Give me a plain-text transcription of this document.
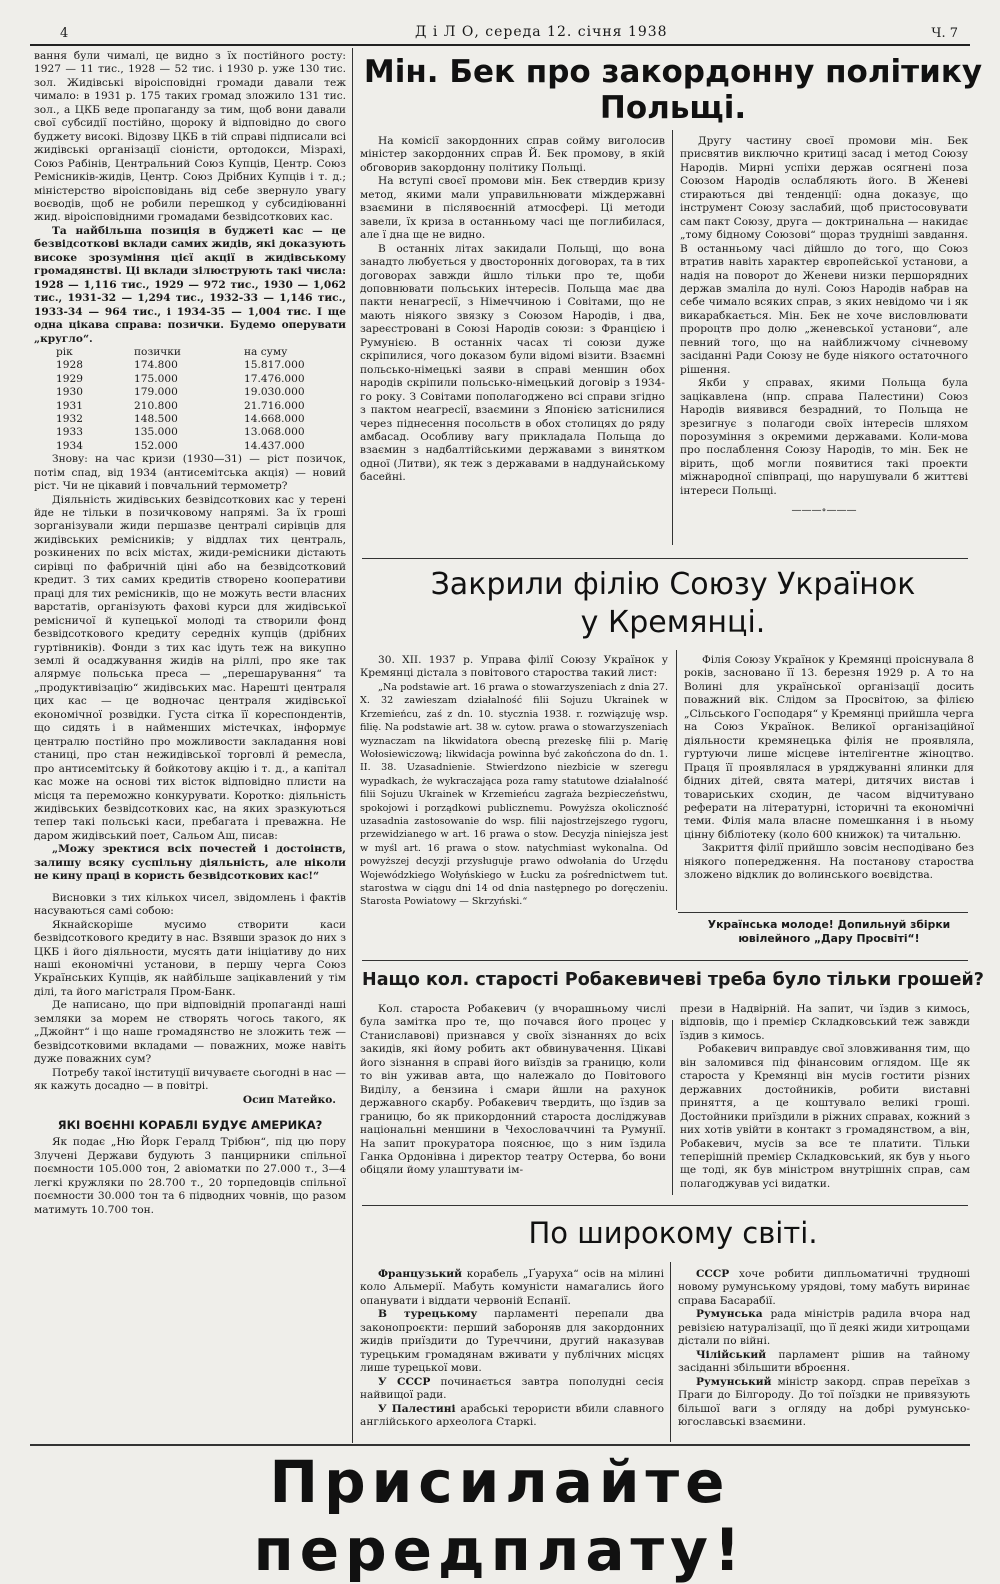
4	Д і Л О, середа 12. січня 1938	Ч. 7

вання були чималі, це видно з їх постійного росту: 1927 — 11 тис., 1928 — 52 тис. і 1930 р. уже 130 тис. зол. Жидівські віроісповідні громади давали теж чимало: в 1931 р. 175 таких громад зложило 131 тис. зол., а ЦКБ веде пропаганду за тим, щоб вони давали свої субсидії постійно, щороку й відповідно до свого буджету високі. Відозву ЦКБ в тій справі підписали всі жидівські організації сіоністи, ортодокси, Мізрахі, Союз Рабінів, Центральний Союз Купців, Центр. Союз Ремісників-жидів, Центр. Союз Дрібних Купців і т. д.; міністерство віроісповідань від себе звернуло увагу воєводів, щоб не робили перешкод у субсидіюванні жид. віроісповідними громадами безвідсоткових кас.

Та найбільша позиція в буджеті кас — це безвідсоткові вклади самих жидів, які доказують високе зрозуміння цієї акції в жидівському громадянстві. Ці вклади зілюструють такі числа: 1928 — 1,116 тис., 1929 — 972 тис., 1930 — 1,062 тис., 1931-32 — 1,294 тис., 1932-33 — 1,146 тис., 1933-34 — 964 тис., і 1934-35 — 1,004 тис. І ще одна цікава справа: позички. Будемо оперувати „кругло“.

рік	позички	на суму
1928	174.800	15.817.000
1929	175.000	17.476.000
1930	179.000	19.030.000
1931	210.800	21.716.000
1932	148.500	14.668.000
1933	135.000	13.068.000
1934	152.000	14.437.000

Знову: на час кризи (1930—31) — ріст позичок, потім спад, від 1934 (антисемітська акція) — новий ріст. Чи не цікавий і повчальний термометр?

Діяльність жидівських безвідсоткових кас у терені йде не тільки в позичковому напрямі. За їх гроші зорганізували жиди першазве централі сирівців для жидівських ремісників; у віддлах тих централь, розкинених по всіх містах, жиди-ремісники дістають сирівці по фабричній ціні або на безвідсотковий кредит. З тих самих кредитів створено кооперативи праці для тих ремісників, що не можуть вести власних варстатів, організують фахові курси для жидівської ремісничої й купецької молоді та створили фонд безвідсоткового кредиту середніх купців (дрібних гуртівників). Фонди з тих кас ідуть теж на викупно землі й осаджування жидів на ріллі, про яке так алярмує польська преса — „перешарування“ та „продуктивізацію“ жидівських мас. Нарешті централя цих кас — це водночас централя жидівської економічної розвідки. Густа сітка її кореспондентів, що сидять і в найменших містечках, інформує централю постійно про можливости закладання нові станиці, про стан нежидівської торговлі й ремесла, про антисемітську й бойкотову акцію і т. д., а капітал кас може на основі тих вісток відповідно плисти на місця та переможно конкурувати. Коротко: діяльність жидівських безвідсоткових кас, на яких зразкуються тепер такі польські каси, пребагата і преважна. Не даром жидівський поет, Сальом Аш, писав:

„Можу зректися всіх почестей і достоінств, залишу всяку суспільну діяльність, але ніколи не кину праці в користь безвідсоткових кас!“

Висновки з тих кількох чисел, звідомлень і фактів насуваються самі собою:

Якнайскоріше мусимо створити каси безвідсоткового кредиту в нас. Взявши зразок до них з ЦКБ і його діяльности, мусять дати ініціативу до них наші економічні установи, в першу черга Союз Українських Купців, як найбільше зацікавлений у тім ділі, та його магістраля Пром-Банк.

Де написано, що при відповідній пропаганді наші земляки за морем не створять чогось такого, як „Джойнт“ і що наше громадянство не зложить теж — безвідсотковими вкладами — поважних, може навіть дуже поважних сум?

Потребу такої інституції вичуваєте сьогодні в нас — як кажуть досадно — в повітрі.

Осип Матейко.

ЯКІ ВОЄННІ КОРАБЛІ БУДУЄ АМЕРИКА?

Як подає „Ню Йорк Гералд Трібюн“, під цю пору Злучені Держави будують 3 панцирники спільної поємности 105.000 тон, 2 авіоматки по 27.000 т., 3—4 легкі кружляки по 28.700 т., 20 торпедовців спільної поємности 30.000 тон та 6 підводних човнів, що разом матимуть 10.700 тон.

Мін. Бек про закордонну політику Польщі.

На комісії закордонних справ сойму виголосив міністер закордонних справ Й. Бек промову, в якій обговорив закордонну політику Польщі.

На вступі своєї промови мін. Бек ствердив кризу метод, якими мали управильнювати міждержавні взаємини в післявоєнній атмосфері. Ці методи завели, їх криза в останньому часі ще поглибилася, але ї дна ще не видно.

В останніх літах закидали Польщі, що вона занадто любується у двосторонніх договорах, та в тих договорах завжди йшло тільки про те, щоби доповнювати польських інтересів. Польща має два пакти ненагресії, з Німеччиною і Совітами, що не мають ніякого звязку з Союзом Народів, і два, зареєстровані в Союзі Народів союзи: з Францією і Румунією. В останніх часах ті союзи дуже скріпилися, чого доказом були відомі візити. Взаємні польсько-німецькі заяви в справі меншин обох народів скріпили польсько-німецький договір з 1934-го року. З Совітами пополагоджено всі справи згідно з пактом неагресії, взаємини з Японією затіснилися через піднесення посольств в обох столицях до ряду амбасад. Особливу вагу прикладала Польща до взаємин з надбалтійськими державами з винятком одної (Литви), як теж з державами в наддунайському басейні.

Другу частину своєї промови мін. Бек присвятив виключно критиці засад і метод Союзу Народів. Мирні успіхи держав осягнені поза Союзом Народів ослабляють його. В Женеві стираються дві тенденції: одна доказує, що інструмент Союзу заслабий, щоб пристосовувати сам пакт Союзу, друга — доктринальна — накидає „тому бідному Союзові“ щораз трудніші завдання. В останньому часі дійшло до того, що Союз втратив навіть характер європейської установи, а надія на поворот до Женеви низки першорядних держав змаліла до нулі. Союз Народів набрав на себе чимало всяких справ, з яких невідомо чи і як викарабкається. Мін. Бек не хоче висловлювати пророцтв про долю „женевської установи“, але певний того, що на найближчому січневому засіданні Ради Союзу не буде ніякого остаточного рішення.

Якби у справах, якими Польща була зацікавлена (нпр. справа Палестини) Союз Народів виявився безрадний, то Польща не зрезигнує з полагоди своїх інтересів шляхом порозуміння з окремими державами. Коли-мова про послаблення Союзу Народів, то мін. Бек не вірить, щоб могли появитися такі проекти міжнародної співпраці, що нарушували б життєві інтереси Польщі.

———∘———
Закрили філію Союзу Українок
у Кремянці.

30. XII. 1937 р. Управа філії Союзу Українок у Кремянці дістала з повітового староства такий лист:

„Na podstawie art. 16 prawa o stowarzyszeniach z dnia 27. X. 32 zawieszam działalność filii Sojuzu Ukrainek w Krzemieńcu, zaś z dn. 10. stycznia 1938. r. rozwiązuję wsp. filię. Na podstawie art. 38 w. cytow. prawa o stowarzyszeniach wyznaczam na likwidatora obecną prezeskę filii p. Marię Wołosiewiczową; likwidacja powinna być zakończona do dn. 1. II. 38. Uzasadnienie. Stwierdzono niezbicie w szeregu wypadkach, że wykraczająca poza ramy statutowe działalność filii Sojuzu Ukrainek w Krzemieńcu zagraża bezpieczeństwu, spokojowi i porządkowi publicznemu. Powyższa okoliczność uzasadnia zastosowanie do wsp. filii najostrzejszego rygoru, przewidzianego w art. 16 prawa o stow. Decyzja niniejsza jest w myśl art. 16 prawa o stow. natychmiast wykonalna. Od powyższej decyzji przysługuje prawo odwołania do Urzędu Wojewódzkiego Wołyńskiego w Łucku za pośrednictwem tut. starostwa w ciągu dni 14 od dnia następnego po doręczeniu. Starosta Powiatowy — Skrzyński.“

Філія Союзу Українок у Кремянці проіснувала 8 років, засновано її 13. березня 1929 р. А то на Волині для української організації досить поважний вік. Слідом за Просвітою, за філією „Сільського Господаря“ у Кремянці прийшла черга на Союз Українок. Великої організаційної діяльности кремянецька філія не проявляла, гуртуючи лише місцеве інтелігентне жіноцтво. Праця її проявлялася в уряджуванні ялинки для бідних дітей, свята матері, дитячих вистав і товариських сходин, де часом відчитувано реферати на літературні, історичні та економічні теми. Філія мала власне помешкання і в ньому цінну бібліотеку (коло 600 книжок) та читальню.

Закриття філії прийшло зовсім несподівано без ніякого попередження. На постанову староства зложено відклик до волинського воєвідства.

Українська молоде! Допильнуй збірки ювілейного „Дару Просвіті“!
Нащо кол. старості Робакевичеві треба було тільки грошей?

Кол. староста Робакевич (у вчорашньому числі була замітка про те, що почався його процес у Станиславові) признався у своїх зізнаннях до всіх закидів, які йому робить акт обвинувачення. Цікаві його зізнання в справі його виїздів за границю, коли то він уживав авта, що належало до Повітового Виділу, а бензина і смари йшли на рахунок державного скарбу. Робакевич твердить, що їздив за границю, бо як прикордонний староста досліджував національні меншини в Чехословаччині та Румунії. На запит прокуратора пояснює, що з ним їздила Ганка Ордонівна і директор театру Остерва, бо вони обіцяли йому улаштувати ім-

прези в Надвірній. На запит, чи їздив з кимось, відповів, що і премієр Складковський теж завжди їздив з кимось.

Робакевич виправдує свої зловживання тим, що він заломився під фінансовим оглядом. Ще як староста у Кремянці він мусів гостити різних державних достойників, робити виставні приняття, а це коштувало великі гроші. Достойники приїздили в ріжних справах, кожний з них хотів увійти в контакт з громадянством, а він, Робакевич, мусів за все те платити. Тільки теперішній премієр Складковський, як був у нього ще тоді, як був міністром внутрішніх справ, сам полагоджував усі видатки.

По широкому світі.

Французький корабель „Ґуаруха“ осів на мілині коло Альмерії. Мабуть комуністи намагались його опанувати і віддати червоній Еспанії.

В турецькому парламенті перепали два законопроєкти: перший забороняв для закордонних жидів приїздити до Туреччини, другий наказував турецьким громадянам вживати у публічних місцях лише турецької мови.

У СССР починається завтра пополудні сесія найвищої ради.

У Палестині арабські терористи вбили славного англійського археолога Старкі.

СССР хоче робити дипльоматичні трудноші новому румунському урядові, тому мабуть виринає справа Басарабії.

Румунська рада міністрів радила вчора над ревізією натуралізації, що її деякі жиди хитрощами дістали по війні.

Чілійський парламент рішив на тайному засіданні збільшити вброєння.

Румунський міністр закорд. справ переїхав з Праги до Білгороду. До тої поїздки не привязують більшої ваги з огляду на добрі румунсько-югославські взаємини.

Присилайте передплату!
